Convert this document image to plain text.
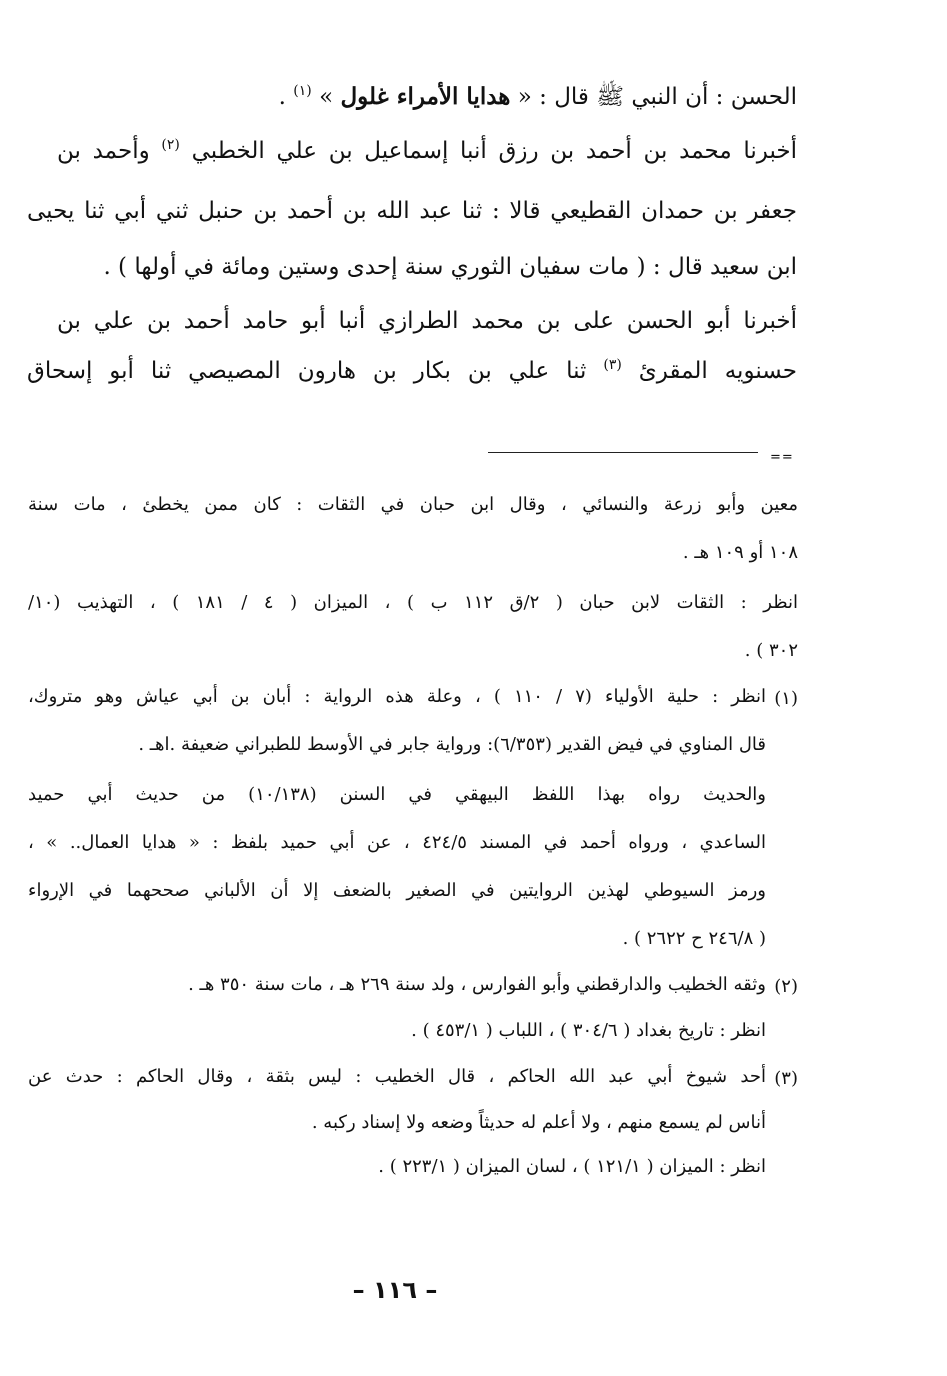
الحسن : أن النبي ﷺ قال : « هدايا الأمراء غلول » $^{(١)}$ .
أخبرنا محمد بن أحمد بن رزق أنبا إسماعيل بن علي الخطبي $^{(٢)}$ وأحمد بن
جعفر بن حمدان القطيعي قالا : ثنا عبد الله بن أحمد بن حنبل ثني أبي ثنا يحيى
ابن سعيد قال : ( مات سفيان الثوري سنة إحدى وستين ومائة في أولها ) .
أخبرنا أبو الحسن على بن محمد الطرازي أنبا أبو حامد أحمد بن علي بن
حسنويه المقرئ $^{(٣)}$ ثنا علي بن بكار بن هارون المصيصي ثنا أبو إسحاق
==
معين وأبو زرعة والنسائي ، وقال ابن حبان في الثقات : كان ممن يخطئ ، مات سنة
١٠٨ أو ١٠٩ هـ .
انظر : الثقات لابن حبان ( ٢/ق ١١٢ ب ) ، الميزان ( ٤ / ١٨١ ) ، التهذيب (١٠/
٣٠٢ ) .
(١)
انظر : حلية الأولياء (٧ / ١١٠ ) ، وعلة هذه الرواية : أبان بن أبي عياش وهو متروك،
قال المناوي في فيض القدير (٦/٣٥٣): ورواية جابر في الأوسط للطبراني ضعيفة .اهـ .
والحديث رواه بهذا اللفظ البيهقي في السنن (١٠/١٣٨) من حديث أبي حميد
الساعدي ، ورواه أحمد في المسند ٤٢٤/٥ ، عن أبي حميد بلفظ : « هدايا العمال.. » ،
ورمز السيوطي لهذين الروايتين في الصغير بالضعف إلا أن الألباني صححهما في الإرواء
( ٢٤٦/٨ ح ٢٦٢٢ ) .
(٢)
وثقه الخطيب والدارقطني وأبو الفوارس ، ولد سنة ٢٦٩ هـ ، مات سنة ٣٥٠ هـ .
انظر : تاريخ بغداد ( ٣٠٤/٦ ) ، اللباب ( ٤٥٣/١ ) .
(٣)
أحد شيوخ أبي عبد الله الحاكم ، قال الخطيب : ليس بثقة ، وقال الحاكم : حدث عن
أناس لم يسمع منهم ، ولا أعلم له حديثاً وضعه ولا إسناد ركبه .
انظر : الميزان ( ١٢١/١ ) ، لسان الميزان ( ٢٢٣/١ ) .
– ١١٦ –
